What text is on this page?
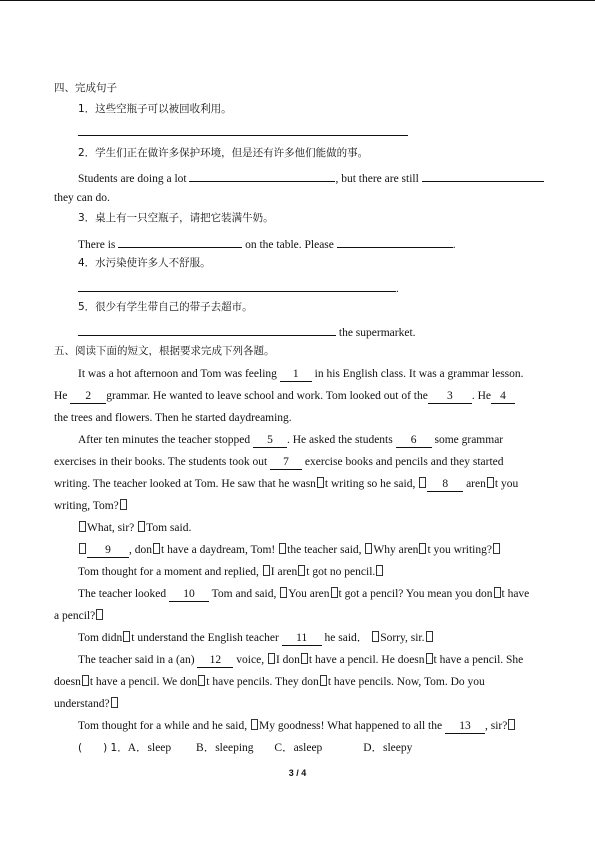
四、完成句子
1．这些空瓶子可以被回收利用。
2．学生们正在做许多保护环境，但是还有许多他们能做的事。
Students are doing a lot	, but there are still
they can do.
3．桌上有一只空瓶子，请把它装满牛奶。
There is	on the table. Please	.
4．水污染使许多人不舒服。
.
5．很少有学生带自己的带子去超市。
the supermarket.
五、阅读下面的短文，根据要求完成下列各题。
It was a hot afternoon and Tom was feeling 1 in his English class. It was a grammar lesson.
He 2 grammar. He wanted to leave school and work. Tom looked out of the 3 . He 4
the trees and flowers. Then he started daydreaming.
After ten minutes the teacher stopped 5 . He asked the students 6 some grammar
exercises in their books. The students took out 7 exercise books and pencils and they started
writing. The teacher looked at Tom. He saw that he wasn t writing so he said, 8 aren t you
writing, Tom?
What, sir? Tom said.
9 , don t have a daydream, Tom! the teacher said, Why aren t you writing?
Tom thought for a moment and replied, I aren t got no pencil.
The teacher looked 10 Tom and said, You aren t got a pencil? You mean you don t have
a pencil?
Tom didn t understand the English teacher 11 he said． Sorry, sir.
The teacher said in a (an) 12 voice, I don t have a pencil. He doesn t have a pencil. She
doesn t have a pencil. We don t have pencils. They don t have pencils. Now, Tom. Do you
understand?
Tom thought for a while and he said, My goodness! What happened to all the 13 , sir?
(　　) 1．A．sleep B．sleeping C．asleep	D．sleepy
3 / 4
